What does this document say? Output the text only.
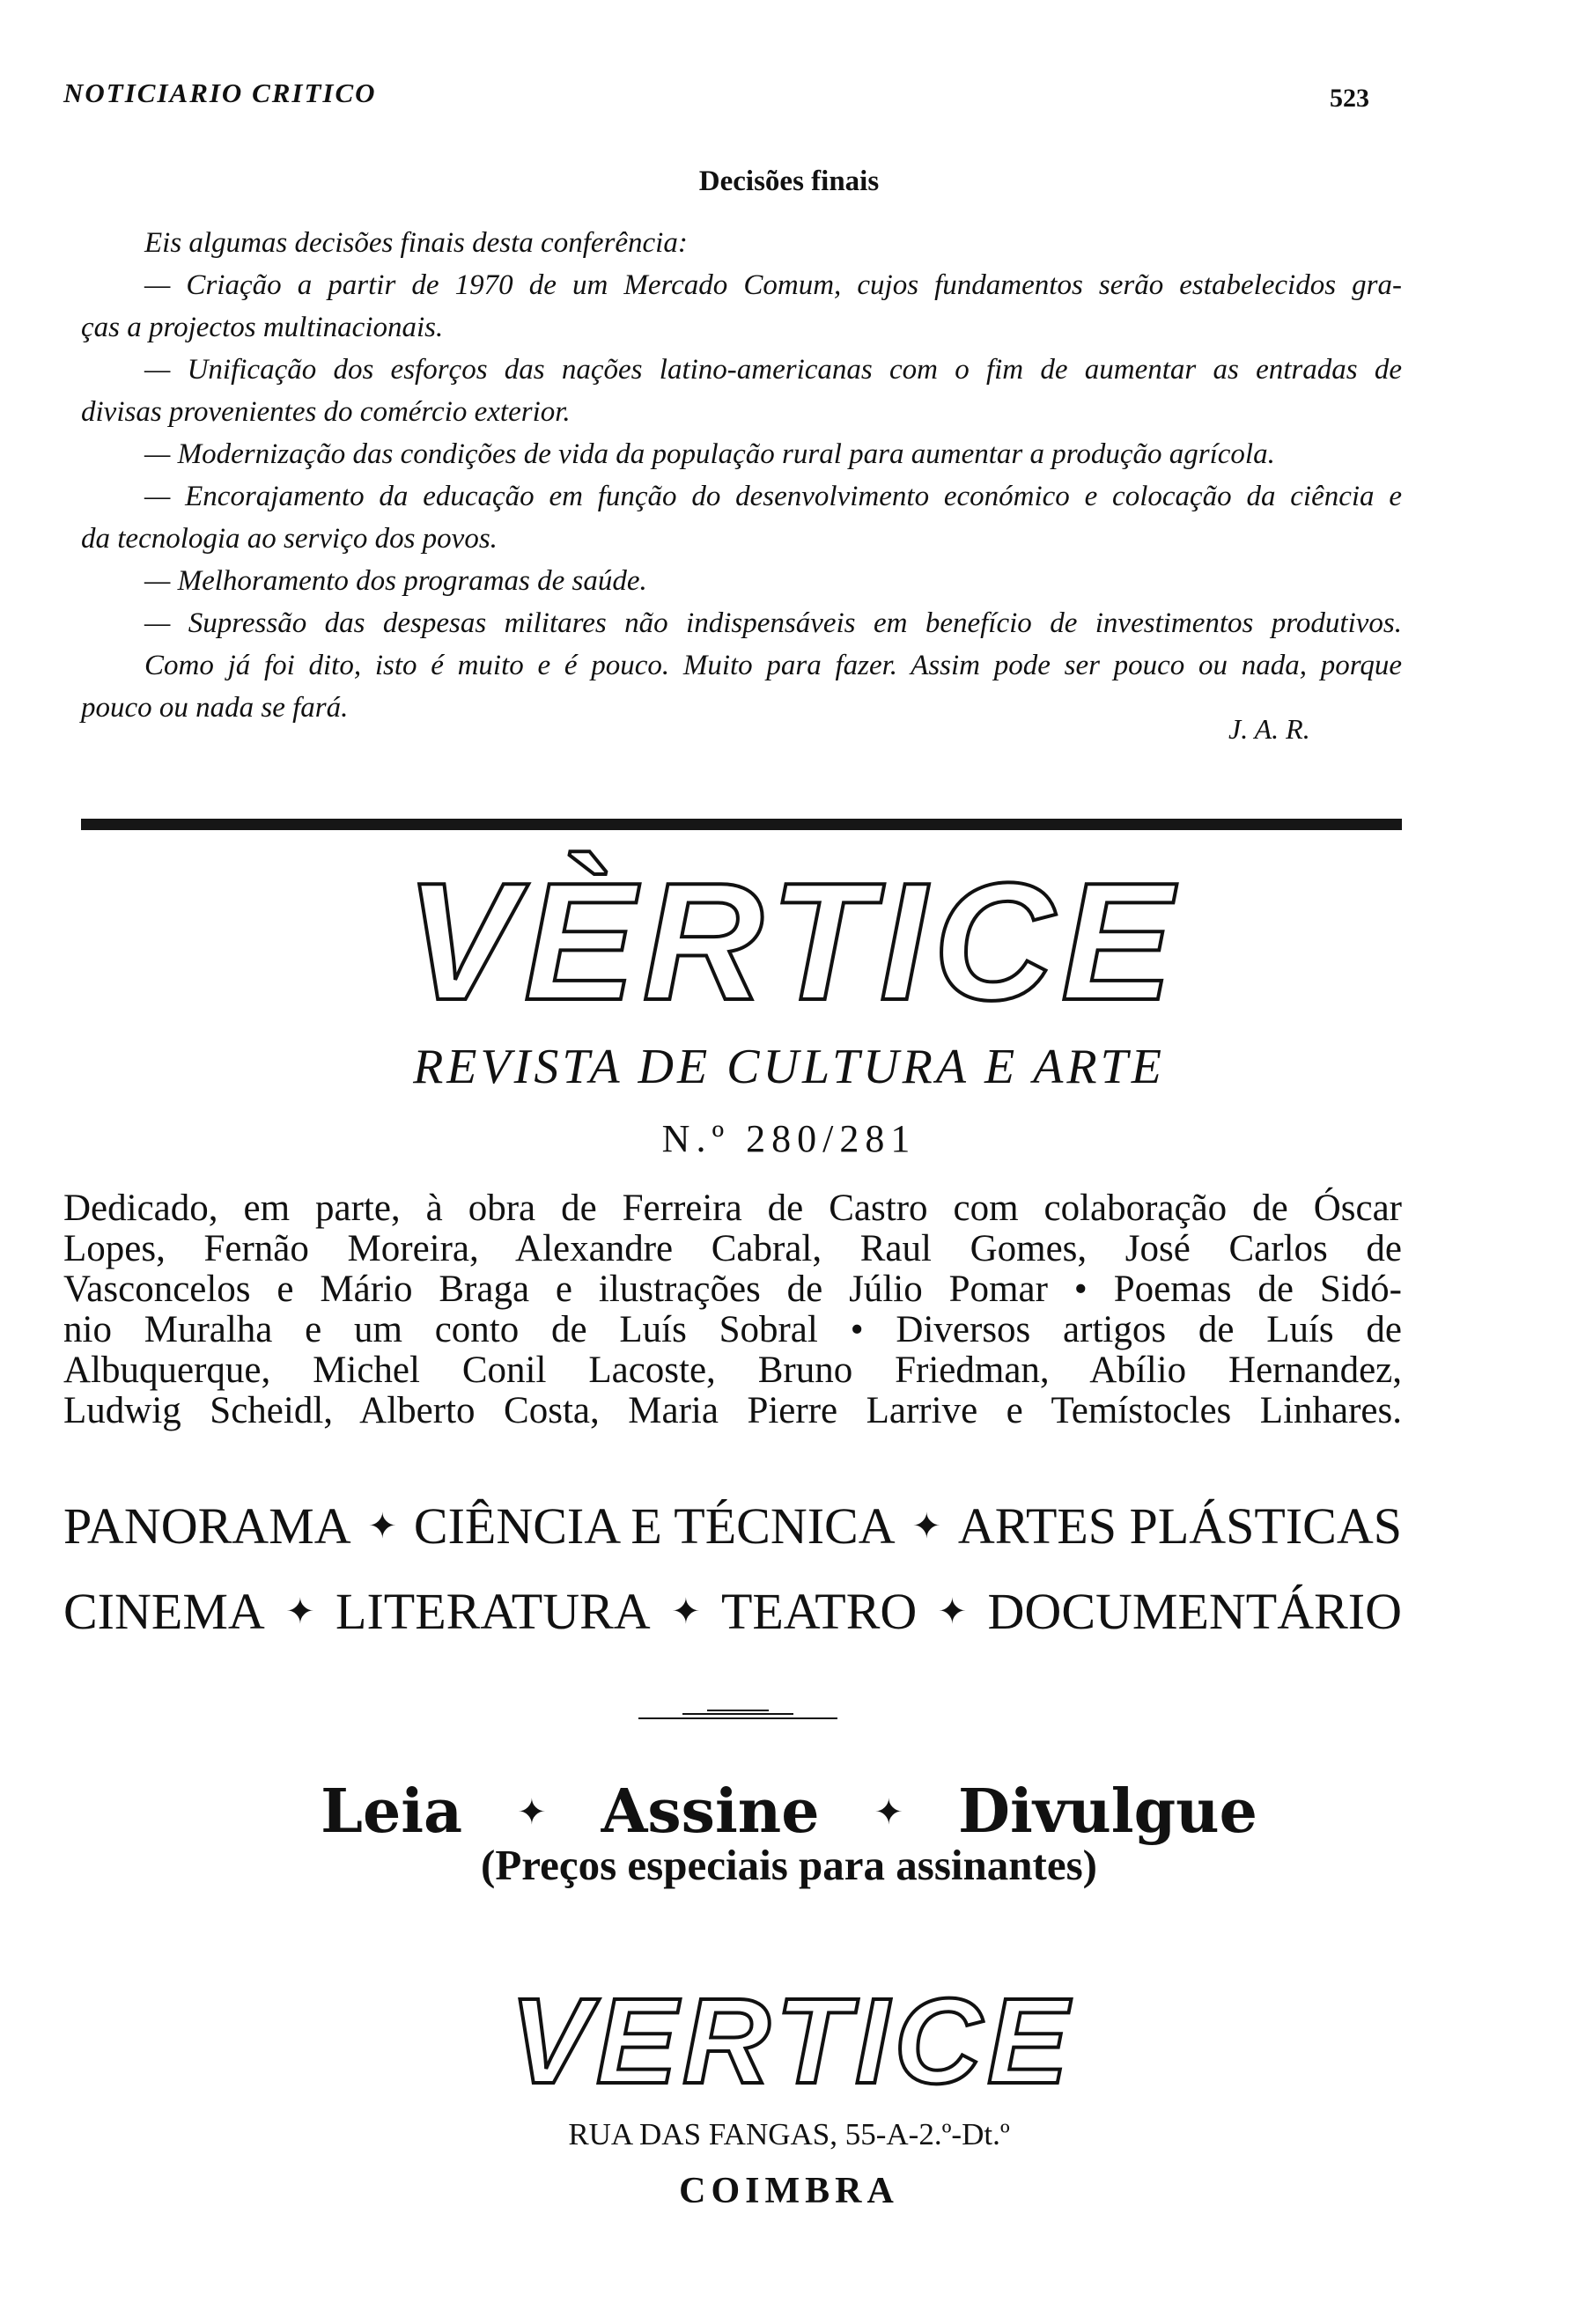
NOTICIARIO CRITICO	523
Decisões finais
Eis algumas decisões finais desta conferência:
— Criação a partir de 1970 de um Mercado Comum, cujos fundamentos serão estabelecidos gra-
ças a projectos multinacionais.
— Unificação dos esforços das nações latino-americanas com o fim de aumentar as entradas de
divisas provenientes do comércio exterior.
— Modernização das condições de vida da população rural para aumentar a produção agrícola.
— Encorajamento da educação em função do desenvolvimento económico e colocação da ciência e
da tecnologia ao serviço dos povos.
— Melhoramento dos programas de saúde.
— Supressão das despesas militares não indispensáveis em benefício de investimentos produtivos.
Como já foi dito, isto é muito e é pouco. Muito para fazer. Assim pode ser pouco ou nada, porque
pouco ou nada se fará.
J. A. R.
V È R T I C E
REVISTA DE CULTURA E ARTE
N.º 280/281
Dedicado, em parte, à obra de Ferreira de Castro com colaboração de Óscar
Lopes, Fernão Moreira, Alexandre Cabral, Raul Gomes, José Carlos de
Vasconcelos e Mário Braga e ilustrações de Júlio Pomar • Poemas de Sidó-
nio Muralha e um conto de Luís Sobral • Diversos artigos de Luís de
Albuquerque, Michel Conil Lacoste, Bruno Friedman, Abílio Hernandez,
Ludwig Scheidl, Alberto Costa, Maria Pierre Larrive e Temístocles Linhares.
PANORAMA ✦ CIÊNCIA E TÉCNICA ✦ ARTES PLÁSTICAS
CINEMA ✦ LITERATURA ✦ TEATRO ✦ DOCUMENTÁRIO
Leia ✦ Assine ✦ Divulgue
(Preços especiais para assinantes)
V E R T I C E
RUA DAS FANGAS, 55-A-2.º-Dt.º
COIMBRA
